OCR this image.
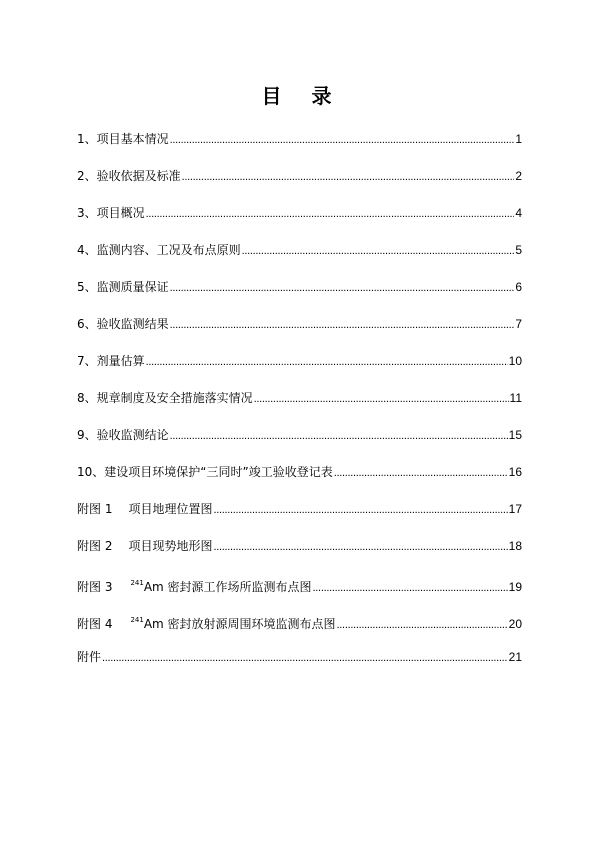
目 录
1、项目基本情况 .....	1
2、验收依据及标准 .....	2
3、项目概况 .....	4
4、监测内容、工况及布点原则 .....	5
5、监测质量保证 .....	6
6、验收监测结果 .....	7
7、剂量估算 .....	10
8、规章制度及安全措施落实情况 .....	11
9、验收监测结论 .....	15
10、建设项目环境保护“三同时”竣工验收登记表 .....	16
附图 1 项目地理位置图 .....	17
附图 2 项目现势地形图 .....	18
附图 3	$^{241}$Am 密封源工作场所监测布点图 .....	19
附图 4	$^{241}$Am 密封放射源周围环境监测布点图 .....	20
附件 .....	21
